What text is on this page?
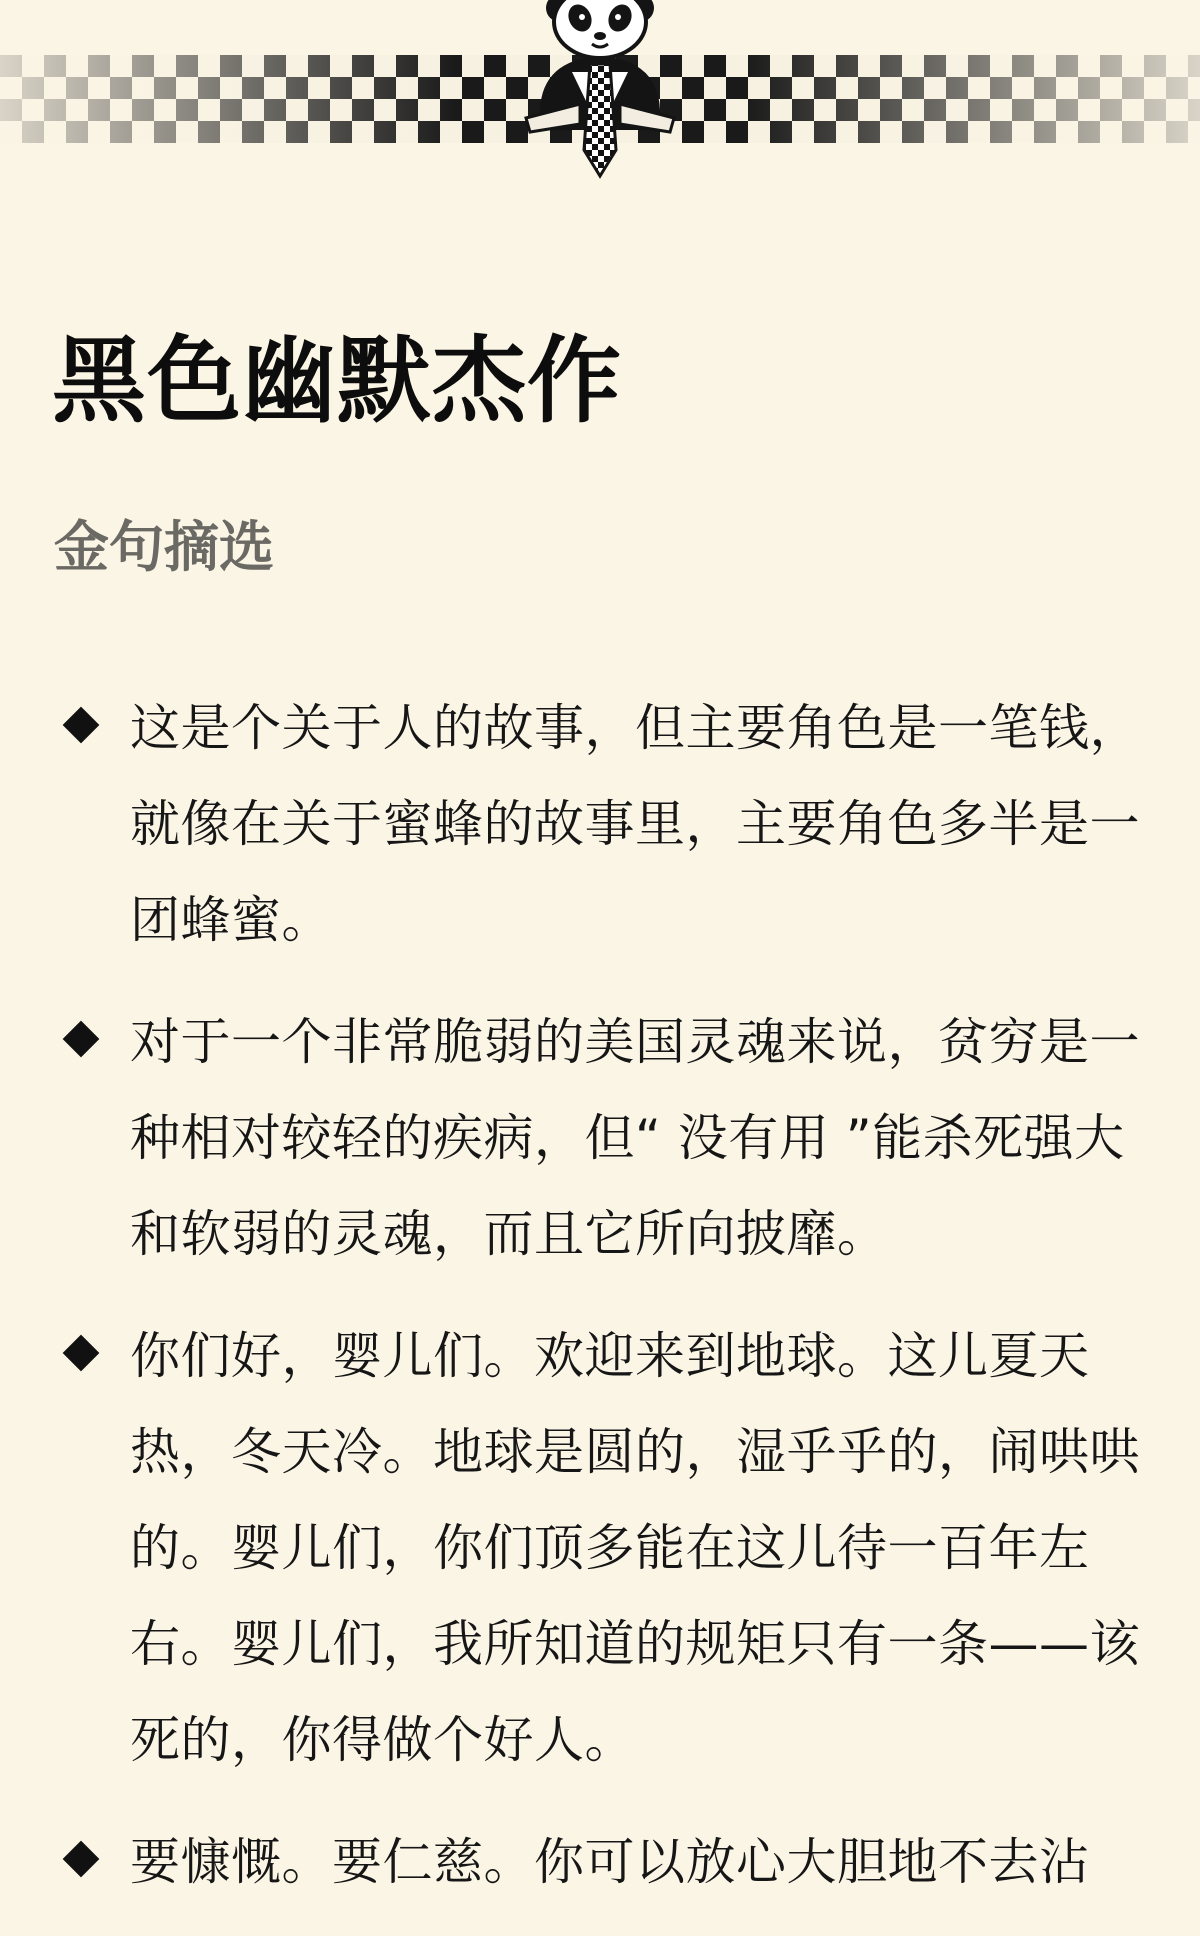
黑色幽默杰作
金句摘选
这是个关于人的故事，但主要角色是一笔钱，就像在关于蜜蜂的故事里，主要角色多半是一团蜂蜜。
对于一个非常脆弱的美国灵魂来说，贫穷是一种相对较轻的疾病，但“ 没有用 ”能杀死强大和软弱的灵魂，而且它所向披靡。
你们好，婴儿们。欢迎来到地球。这儿夏天热，冬天冷。地球是圆的，湿乎乎的，闹哄哄的。婴儿们，你们顶多能在这儿待一百年左右。婴儿们，我所知道的规矩只有一条——该死的，你得做个好人。
要慷慨。要仁慈。你可以放心大胆地不去沾
